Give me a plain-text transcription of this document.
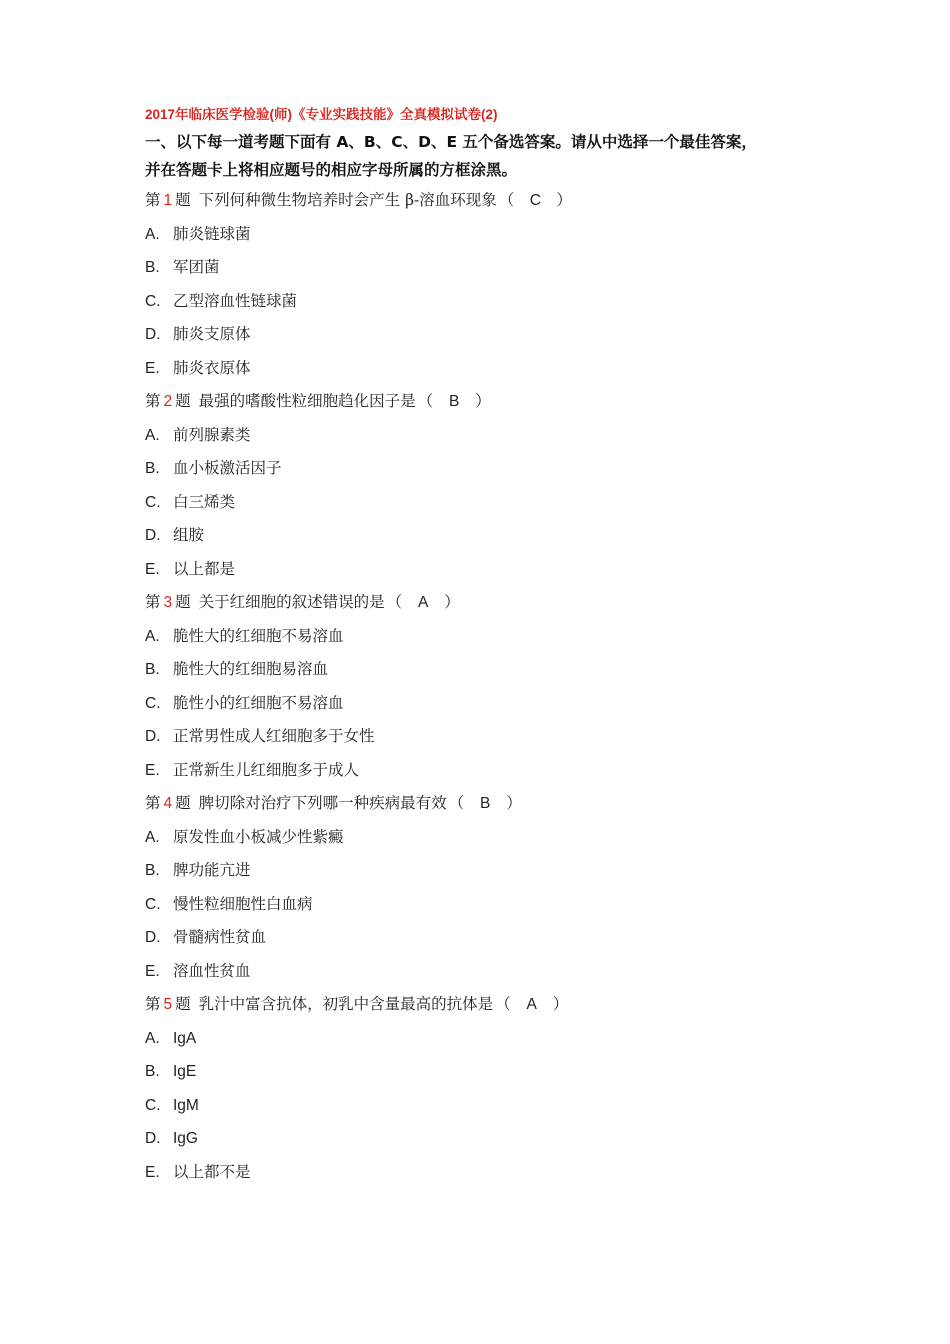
2017年临床医学检验(师)《专业实践技能》全真模拟试卷(2)
一、以下每一道考题下面有 A、B、C、D、E 五个备选答案。请从中选择一个最佳答案，
并在答题卡上将相应题号的相应字母所属的方框涂黑。
第 1 题 下列何种微生物培养时会产生 β-溶血环现象 （ C ）
A. 肺炎链球菌
B. 军团菌
C. 乙型溶血性链球菌
D. 肺炎支原体
E. 肺炎衣原体
第 2 题 最强的嗜酸性粒细胞趋化因子是 （ B ）
A. 前列腺素类
B. 血小板激活因子
C. 白三烯类
D. 组胺
E. 以上都是
第 3 题 关于红细胞的叙述错误的是 （ A ）
A. 脆性大的红细胞不易溶血
B. 脆性大的红细胞易溶血
C. 脆性小的红细胞不易溶血
D. 正常男性成人红细胞多于女性
E. 正常新生儿红细胞多于成人
第 4 题 脾切除对治疗下列哪一种疾病最有效 （ B ）
A. 原发性血小板减少性紫癜
B. 脾功能亢进
C. 慢性粒细胞性白血病
D. 骨髓病性贫血
E. 溶血性贫血
第 5 题 乳汁中富含抗体，初乳中含量最高的抗体是 （ A ）
A. IgA
B. IgE
C. IgM
D. IgG
E. 以上都不是
